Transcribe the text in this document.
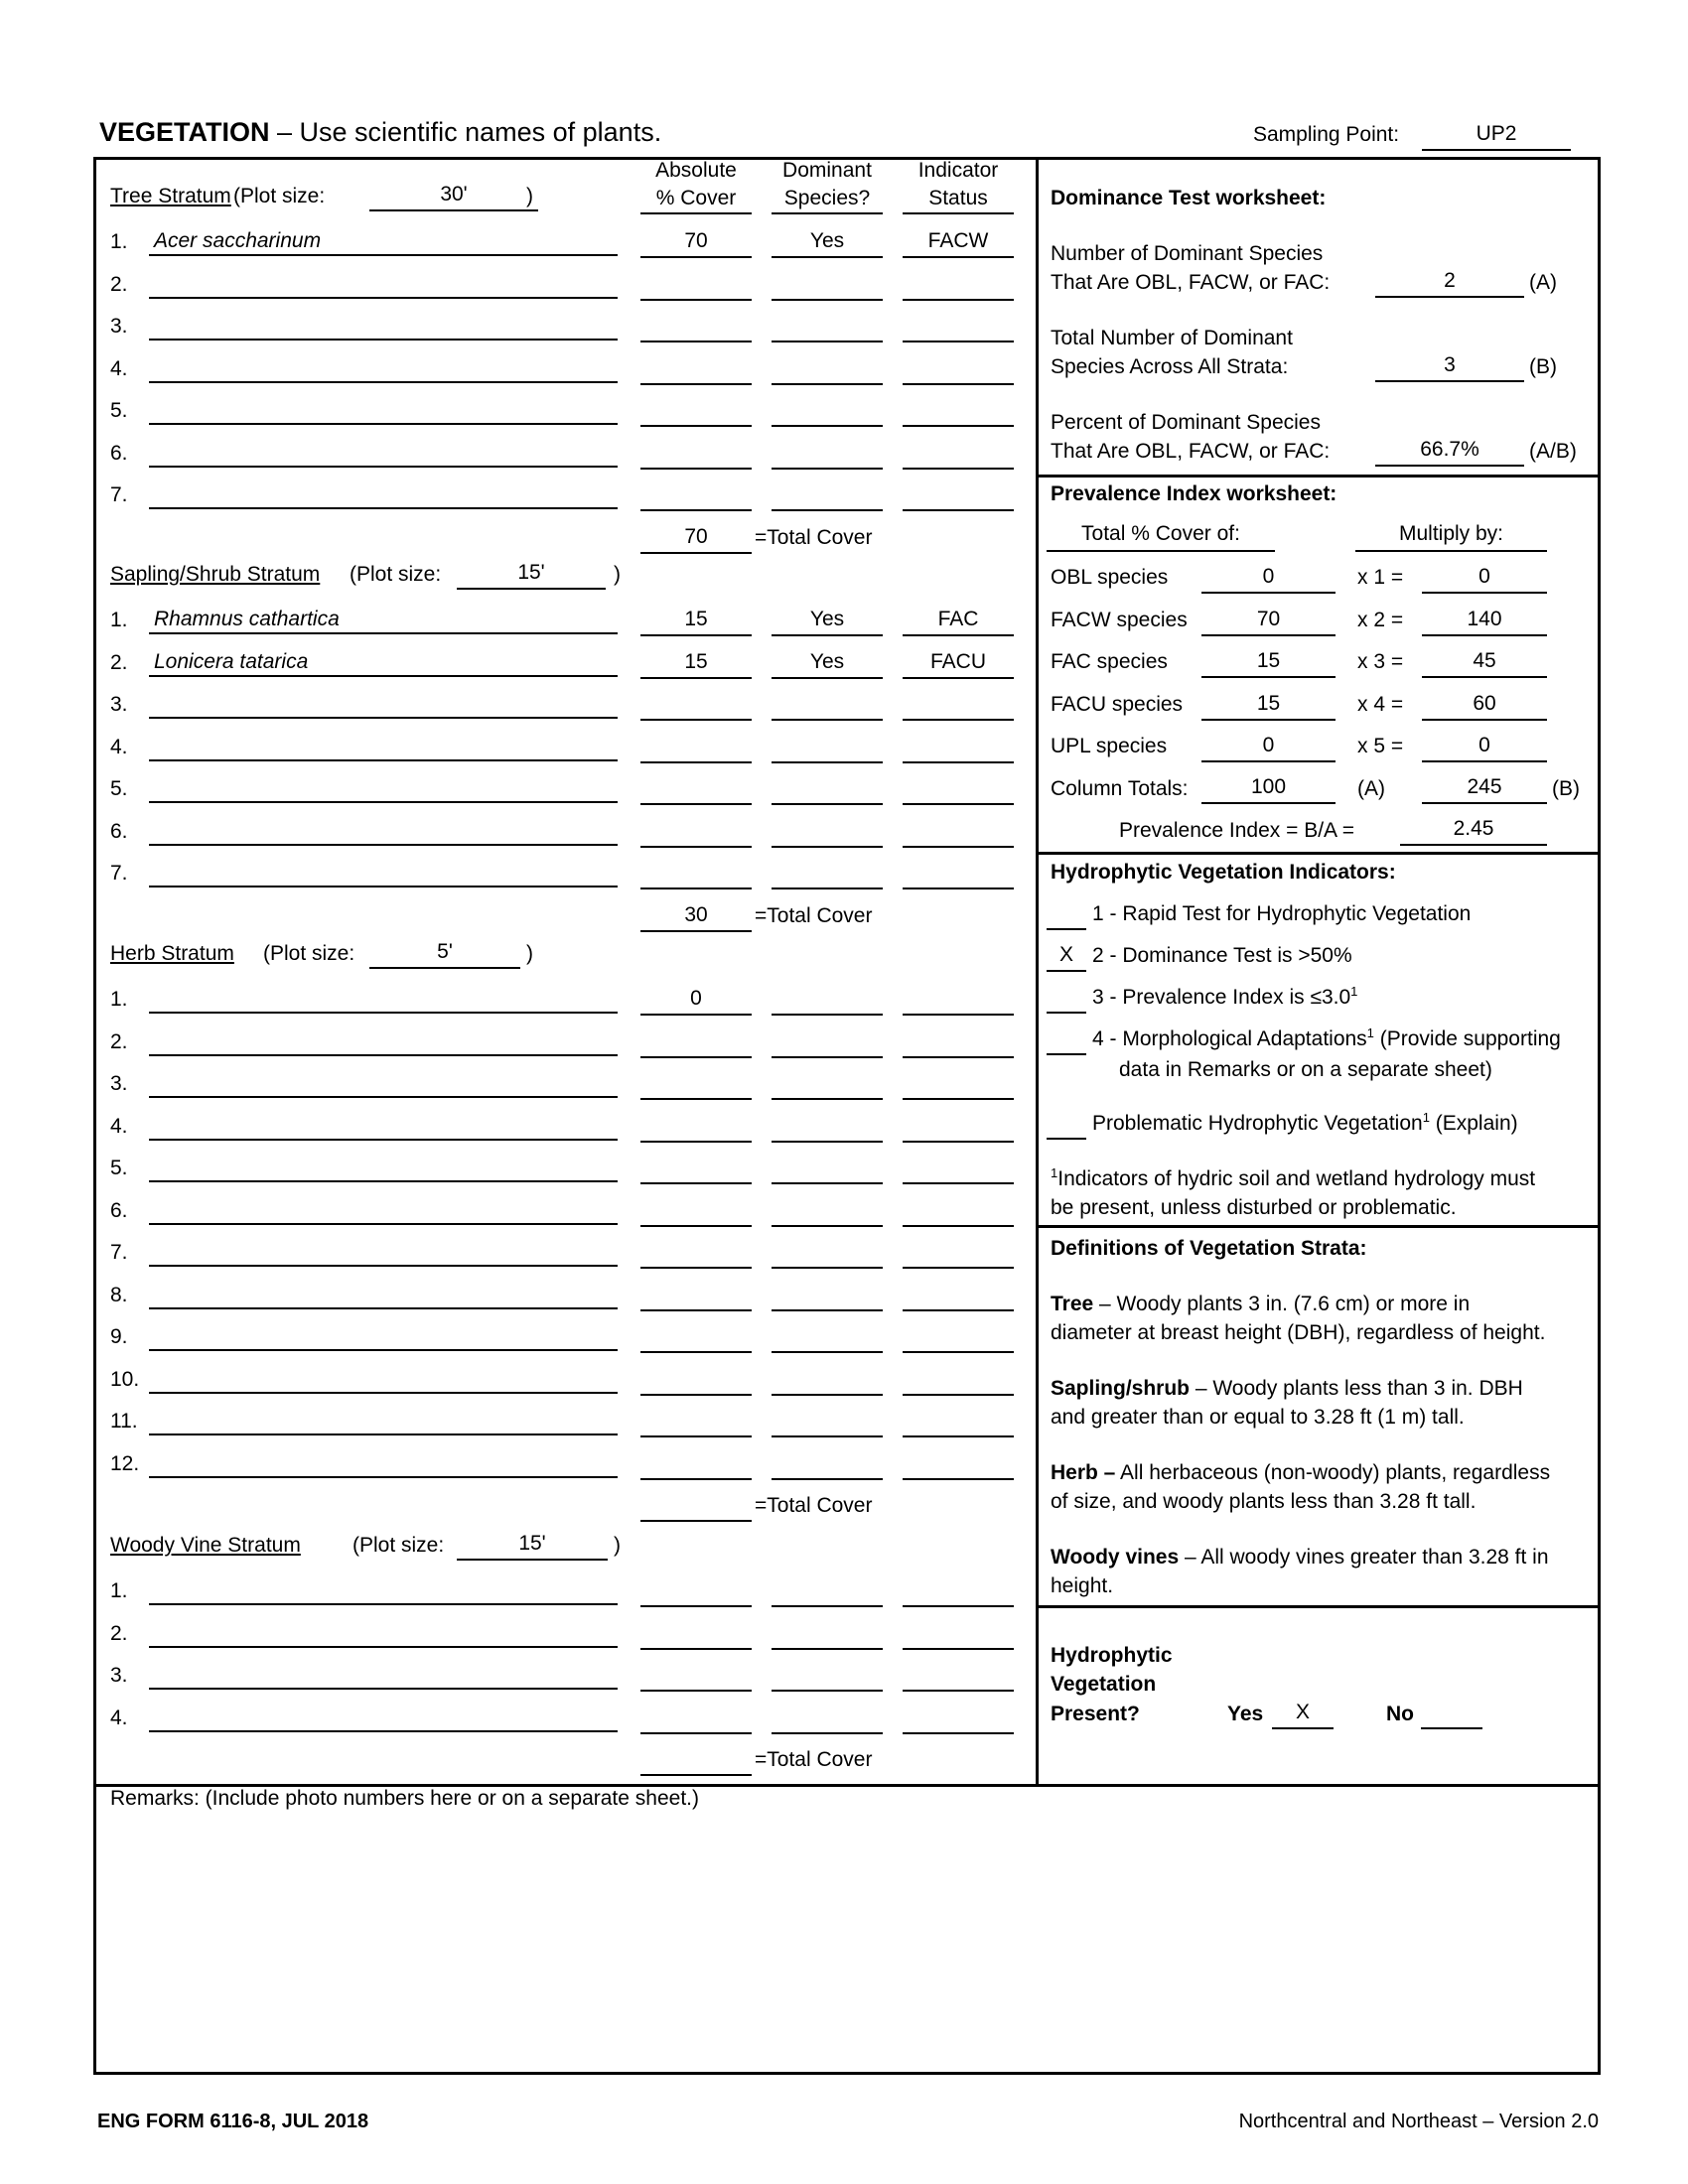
VEGETATION – Use scientific names of plants.	Sampling Point:	UP2
Absolute
% Cover
Dominant
Species?
Indicator
Status
Tree Stratum (Plot size:	30'	)
1. Acer saccharinum	70	Yes	FACW
2.
3.
4.
5.
6.
7.
70	=Total Cover
Sapling/Shrub Stratum (Plot size:	15'	)
1. Rhamnus cathartica	15	Yes	FAC
2. Lonicera tatarica	15	Yes	FACU
3.
4.
5.
6.
7.
30	=Total Cover
Herb Stratum (Plot size:	5'	)
1.	0
2.
3.
4.
5.
6.
7.
8.
9.
10.
11.
12.
=Total Cover
Woody Vine Stratum (Plot size:	15'	)
1.
2.
3.
4.
=Total Cover
Dominance Test worksheet:
Number of Dominant Species
That Are OBL, FACW, or FAC:	2	(A)
Total Number of Dominant
Species Across All Strata:	3	(B)
Percent of Dominant Species
That Are OBL, FACW, or FAC:	66.7%	(A/B)
Prevalence Index worksheet:
Total % Cover of:	Multiply by:
OBL species	0	x 1 =	0
FACW species	70	x 2 =	140
FAC species	15	x 3 =	45
FACU species	15	x 4 =	60
UPL species	0	x 5 =	0
Column Totals:	100	(A)	245	(B)
Prevalence Index = B/A =	2.45
Hydrophytic Vegetation Indicators:
1 - Rapid Test for Hydrophytic Vegetation
X 2 - Dominance Test is >50%
3 - Prevalence Index is $\le 3.0^1$
4 - Morphological Adaptations$^1$ (Provide supporting
data in Remarks or on a separate sheet)
Problematic Hydrophytic Vegetation$^1$ (Explain)
$^1$Indicators of hydric soil and wetland hydrology must
be present, unless disturbed or problematic.
Definitions of Vegetation Strata:
Tree – Woody plants 3 in. (7.6 cm) or more in
diameter at breast height (DBH), regardless of height.
Sapling/shrub – Woody plants less than 3 in. DBH
and greater than or equal to 3.28 ft (1 m) tall.
Herb – All herbaceous (non-woody) plants, regardless
of size, and woody plants less than 3.28 ft tall.
Woody vines – All woody vines greater than 3.28 ft in
height.
Hydrophytic
Vegetation
Present?	Yes	X	No
Remarks: (Include photo numbers here or on a separate sheet.)
ENG FORM 6116-8, JUL 2018	Northcentral and Northeast – Version 2.0
